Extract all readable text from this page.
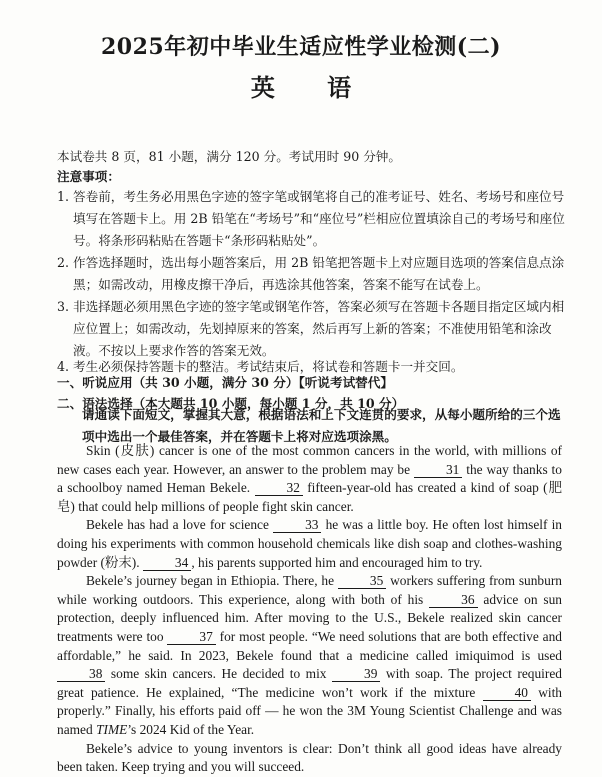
2025年初中毕业生适应性学业检测(二)
英 语
本试卷共 8 页，81 小题，满分 120 分。考试用时 90 分钟。
注意事项：
1. 答卷前，考生务必用黑色字迹的签字笔或钢笔将自己的准考证号、姓名、考场号和座位号填写在答题卡上。用 2B 铅笔在“考场号”和“座位号”栏相应位置填涂自己的考场号和座位号。将条形码粘贴在答题卡“条形码粘贴处”。
2. 作答选择题时，选出每小题答案后，用 2B 铅笔把答题卡上对应题目选项的答案信息点涂黑；如需改动，用橡皮擦干净后，再选涂其他答案，答案不能写在试卷上。
3. 非选择题必须用黑色字迹的签字笔或钢笔作答，答案必须写在答题卡各题目指定区域内相应位置上；如需改动，先划掉原来的答案，然后再写上新的答案；不准使用铅笔和涂改液。不按以上要求作答的答案无效。
4. 考生必须保持答题卡的整洁。考试结束后，将试卷和答题卡一并交回。
一、听说应用（共 30 小题，满分 30 分）【听说考试替代】
二、语法选择（本大题共 10 小题，每小题 1 分，共 10 分）
请通读下面短文，掌握其大意，根据语法和上下文连贯的要求，从每小题所给的三个选项中选出一个最佳答案，并在答题卡上将对应选项涂黑。

Skin (皮肤) cancer is one of the most common cancers in the world, with millions of new cases each year. However, an answer to the problem may be	31 the way thanks to a schoolboy named Heman Bekele.	32 fifteen-year-old has created a kind of soap (肥皂) that could help millions of people fight skin cancer.

Bekele has had a love for science	33 he was a little boy. He often lost himself in doing his experiments with common household chemicals like dish soap and clothes-washing powder (粉末).	34 , his parents supported him and encouraged him to try.

Bekele’s journey began in Ethiopia. There, he	35 workers suffering from sunburn while working outdoors. This experience, along with both of his	36 advice on sun protection, deeply influenced him. After moving to the U.S., Bekele realized skin cancer treatments were too	37 for most people. “We need solutions that are both effective and affordable,” he said. In 2023, Bekele found that a medicine called imiquimod is used 38 some skin cancers. He decided to mix	39 with soap. The project required great patience. He explained, “The medicine won’t work if the mixture	40 with properly.” Finally, his efforts paid off — he won the 3M Young Scientist Challenge and was named TIME’s 2024 Kid of the Year.

Bekele’s advice to young inventors is clear: Don’t think all good ideas have already been taken. Keep trying and you will succeed.
